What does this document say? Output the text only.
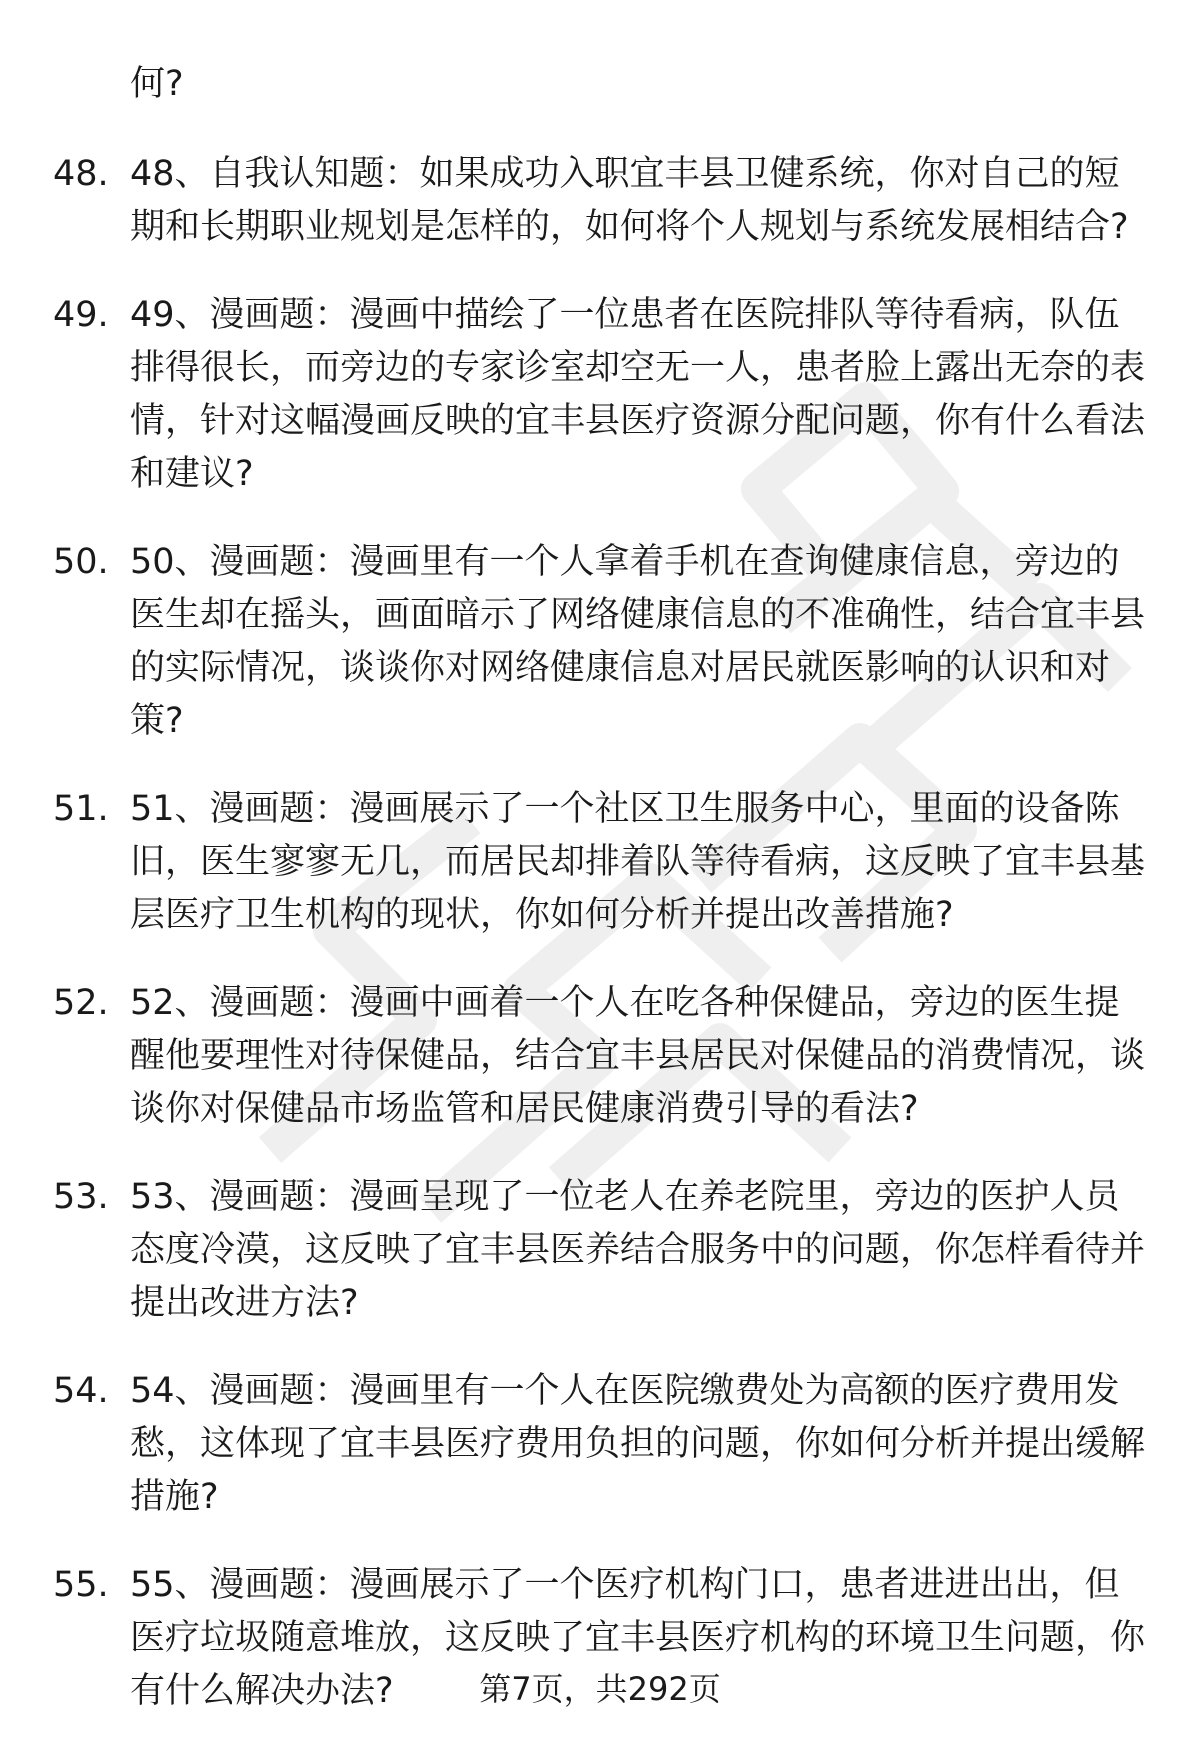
何?
48. 48、自我认知题：如果成功入职宜丰县卫健系统，你对自己的短期和长期职业规划是怎样的，如何将个人规划与系统发展相结合?
49. 49、漫画题：漫画中描绘了一位患者在医院排队等待看病，队伍排得很长，而旁边的专家诊室却空无一人，患者脸上露出无奈的表情，针对这幅漫画反映的宜丰县医疗资源分配问题，你有什么看法和建议?
50. 50、漫画题：漫画里有一个人拿着手机在查询健康信息，旁边的医生却在摇头，画面暗示了网络健康信息的不准确性，结合宜丰县的实际情况，谈谈你对网络健康信息对居民就医影响的认识和对策?
51. 51、漫画题：漫画展示了一个社区卫生服务中心，里面的设备陈旧，医生寥寥无几，而居民却排着队等待看病，这反映了宜丰县基层医疗卫生机构的现状，你如何分析并提出改善措施?
52. 52、漫画题：漫画中画着一个人在吃各种保健品，旁边的医生提醒他要理性对待保健品，结合宜丰县居民对保健品的消费情况，谈谈你对保健品市场监管和居民健康消费引导的看法?
53. 53、漫画题：漫画呈现了一位老人在养老院里，旁边的医护人员态度冷漠，这反映了宜丰县医养结合服务中的问题，你怎样看待并提出改进方法?
54. 54、漫画题：漫画里有一个人在医院缴费处为高额的医疗费用发愁，这体现了宜丰县医疗费用负担的问题，你如何分析并提出缓解措施?
55. 55、漫画题：漫画展示了一个医疗机构门口，患者进进出出，但医疗垃圾随意堆放，这反映了宜丰县医疗机构的环境卫生问题，你有什么解决办法?	第7页，共292页
